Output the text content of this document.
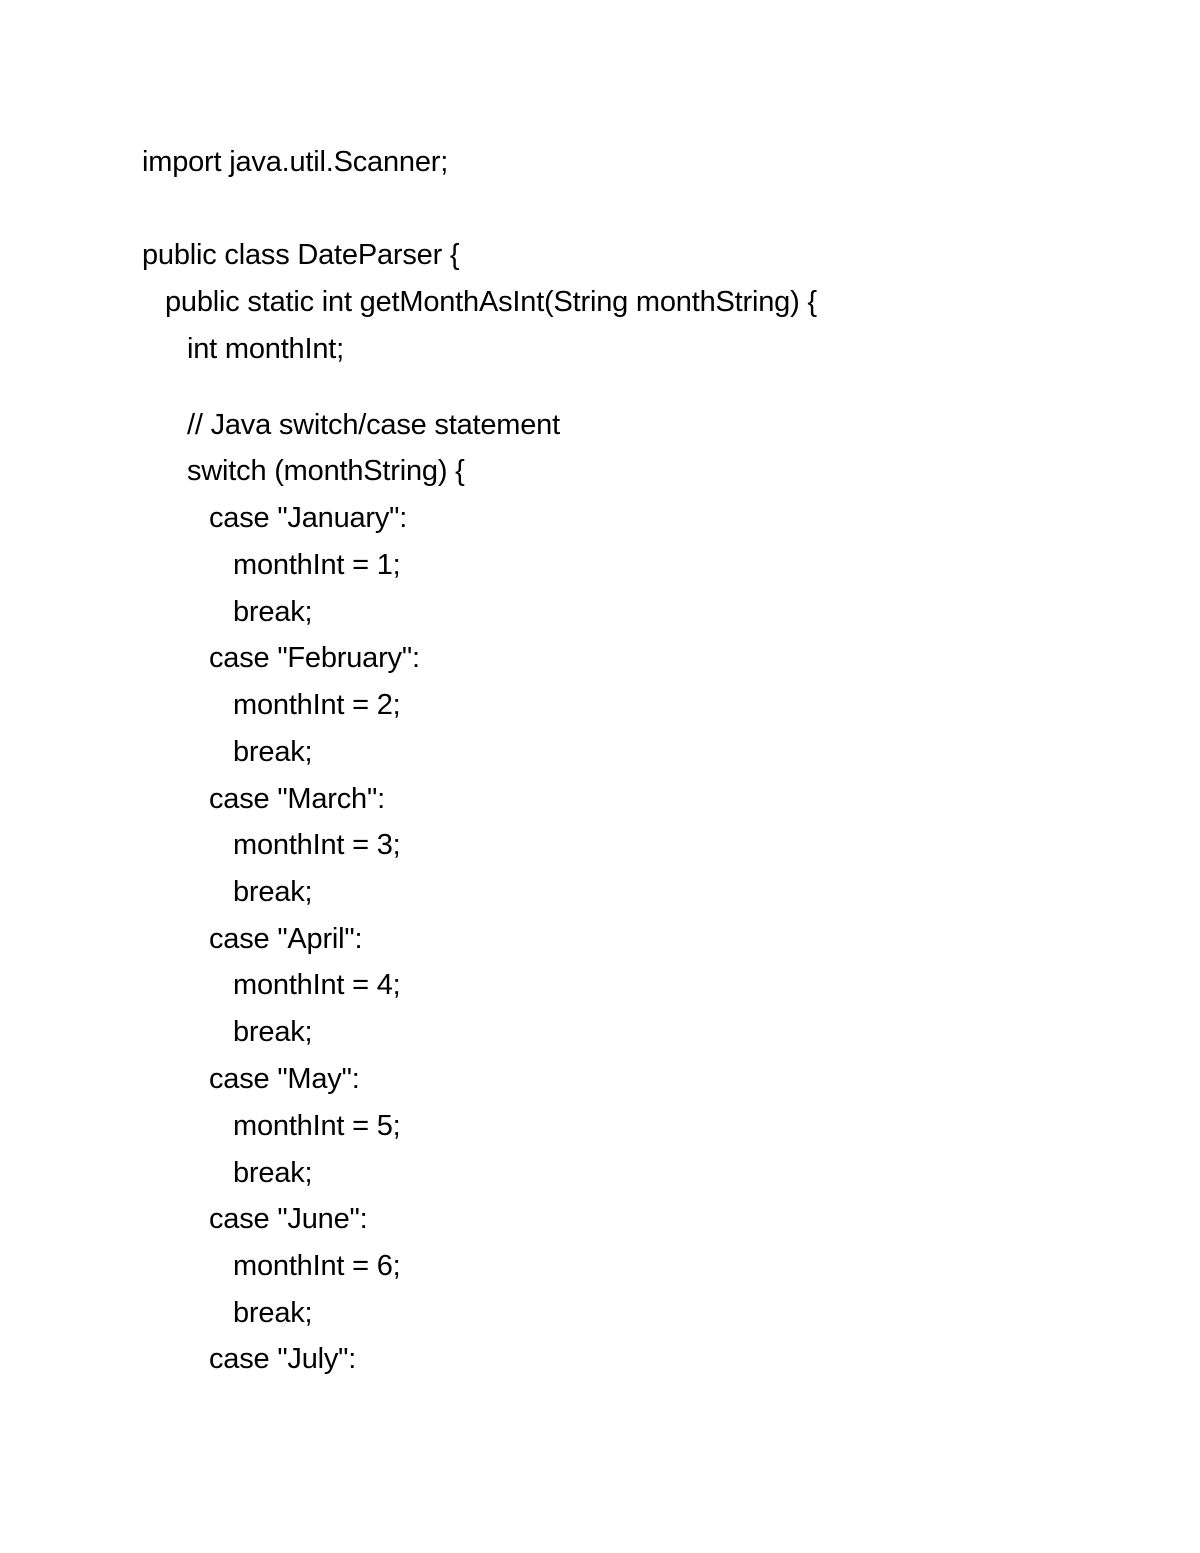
import java.util.Scanner;
public class DateParser {
public static int getMonthAsInt(String monthString) {
int monthInt;
// Java switch/case statement
switch (monthString) {
case "January":
monthInt = 1;
break;
case "February":
monthInt = 2;
break;
case "March":
monthInt = 3;
break;
case "April":
monthInt = 4;
break;
case "May":
monthInt = 5;
break;
case "June":
monthInt = 6;
break;
case "July":
